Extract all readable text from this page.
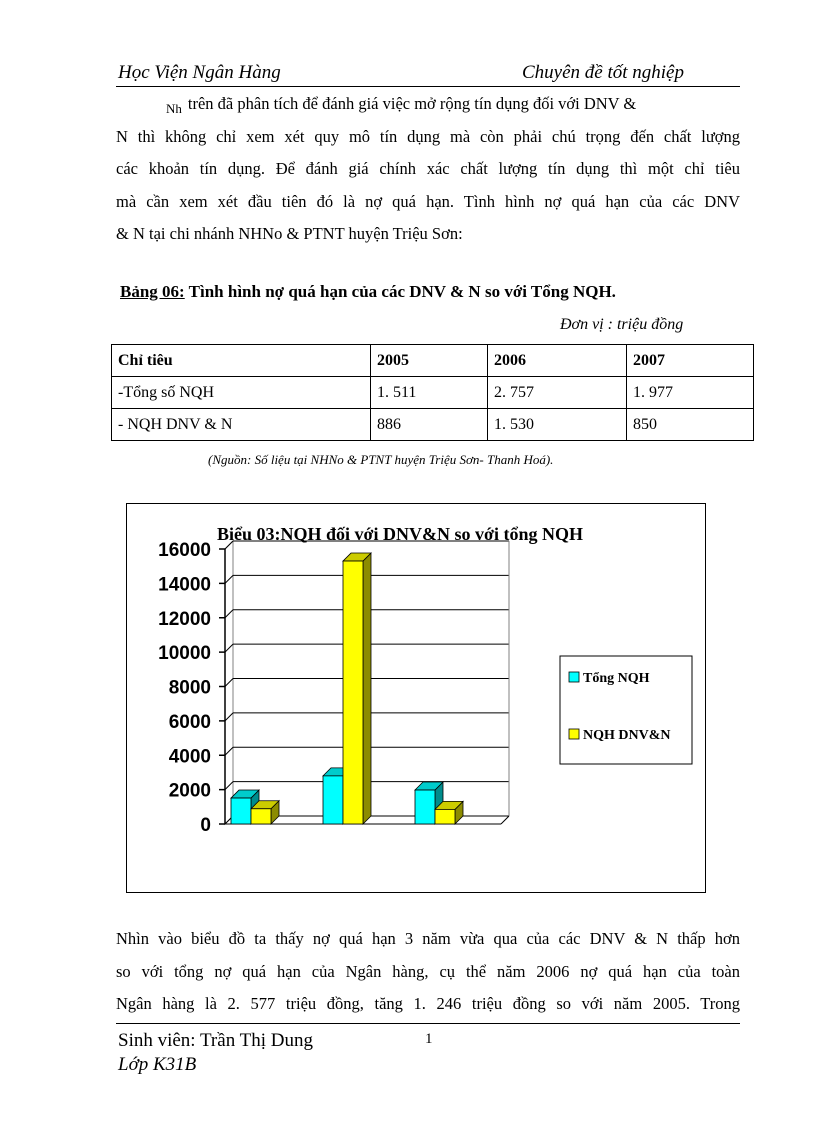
Học Viện Ngân Hàng	Chuyên đề tốt nghiệp
$_{Nh}$ trên đã phân tích để đánh giá việc mở rộng tín dụng đối với DNV &
N thì không chỉ xem xét quy mô tín dụng mà còn phải chú trọng đến chất lượng
các khoản tín dụng. Để đánh giá chính xác chất lượng tín dụng thì một chỉ tiêu
mà cần xem xét đầu tiên đó là nợ quá hạn. Tình hình nợ quá hạn của các DNV
& N tại chi nhánh NHNo & PTNT huyện Triệu Sơn:
Bảng 06: Tình hình nợ quá hạn của các DNV & N so với Tổng NQH.
Đơn vị : triệu đồng
Chỉ tiêu	2005	2006	2007
-Tổng số NQH	1. 511	2. 757	1. 977
- NQH DNV & N	886	1. 530	850
(Nguồn: Số liệu tại NHNo & PTNT huyện Triệu Sơn- Thanh Hoá).
0
2000
4000
6000
8000
10000
12000
14000
16000
Biểu 03:NQH đối với DNV&N so với tổng NQH
Tổng NQH
NQH DNV&N
Nhìn vào biểu đồ ta thấy nợ quá hạn 3 năm vừa qua của các DNV & N thấp hơn
so với tổng nợ quá hạn của Ngân hàng, cụ thể năm 2006 nợ quá hạn của toàn
Ngân hàng là 2. 577 triệu đồng, tăng 1. 246 triệu đồng so với năm 2005. Trong
Sinh viên: Trần Thị Dung
Lớp K31B
1
